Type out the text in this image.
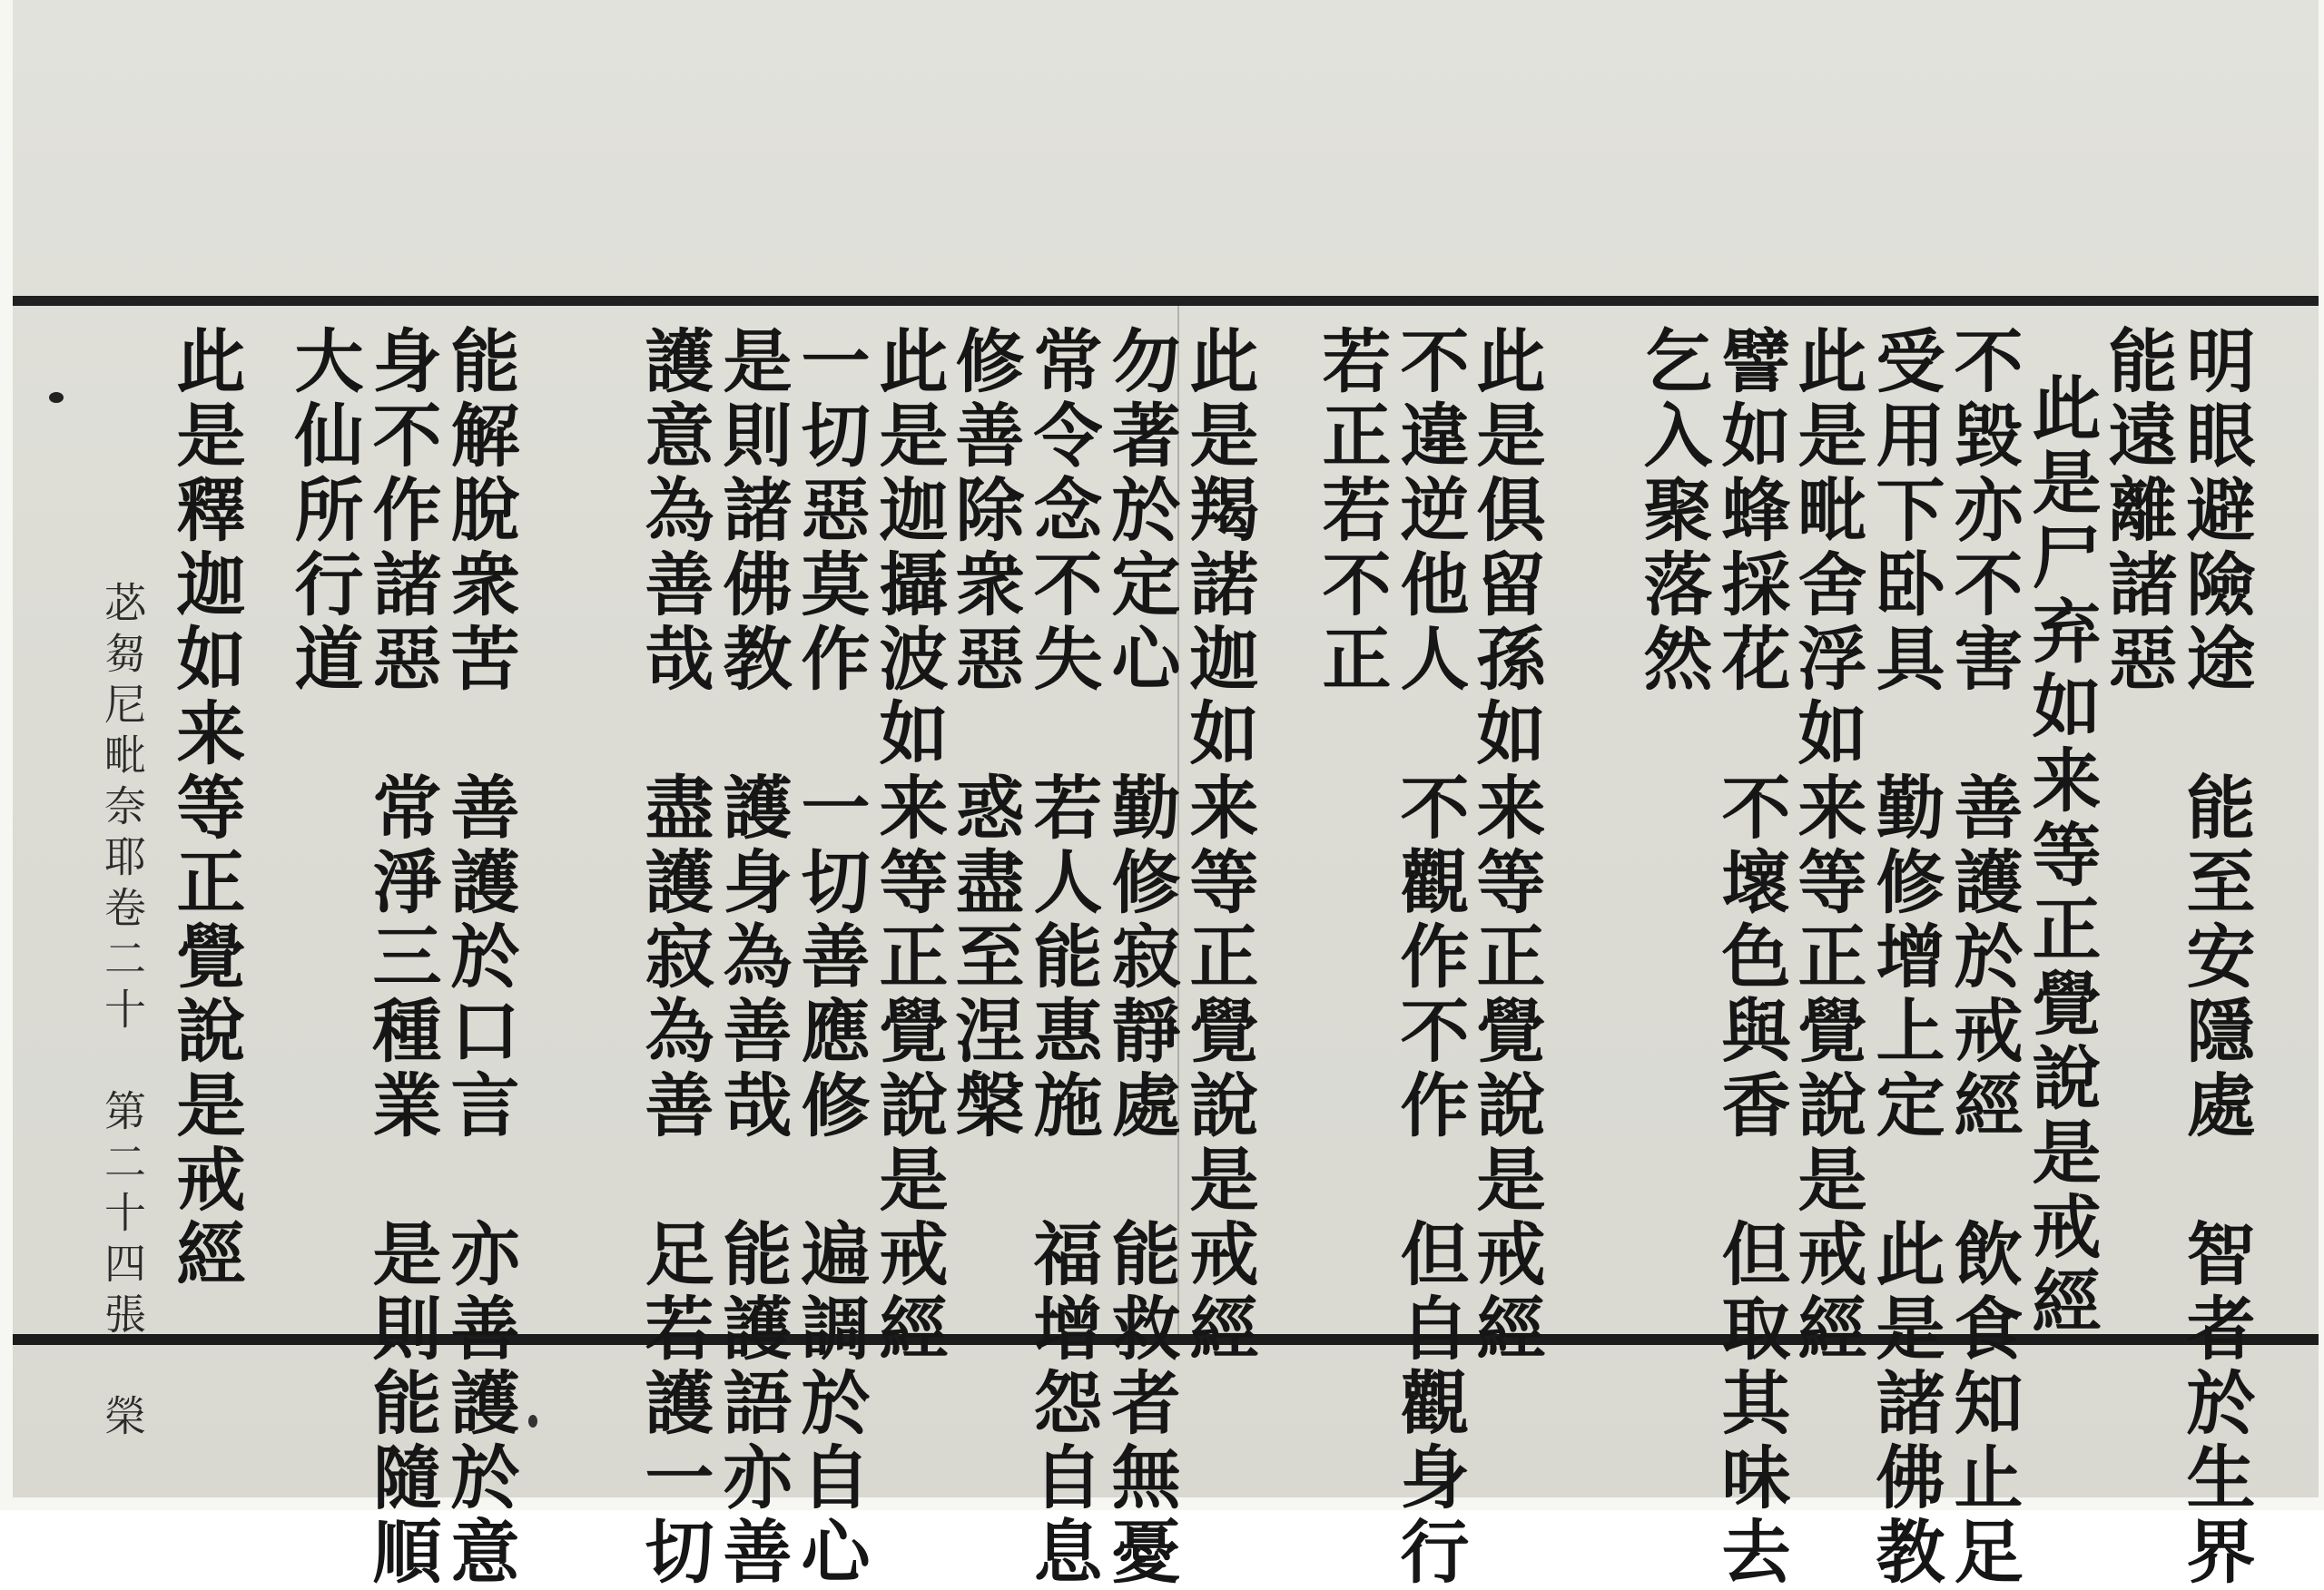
明眼避險途　能至安隱處　智者於生界
能遠離諸惡
此是尸弃如来等正覺說是戒經
不毀亦不害　善護於戒經　飲食知止足
受用下卧具　勤修增上定　此是諸佛教
此是毗舍浮如来等正覺說是戒經
譬如蜂採花　不壞色與香　但取其味去
乞入聚落然
此是俱留孫如来等正覺說是戒經
不違逆他人　不觀作不作　但自觀身行
若正若不正
此是羯諾迦如来等正覺說是戒經
勿著於定心　勤修寂靜處　能救者無憂
常令念不失　若人能惠施　福增怨自息
修善除衆惡　惑盡至涅槃
此是迦攝波如来等正覺說是戒經
一切惡莫作　一切善應修　遍調於自心
是則諸佛教　護身為善哉　能護語亦善
護意為善哉　盡護寂為善　足若護一切
能解脫衆苦　善護於口言　亦善護於意
身不作諸惡　常淨三種業　是則能隨順
大仙所行道
此是釋迦如来等正覺說是戒經
苾芻尼毗奈耶卷二十　第二十四張　榮
